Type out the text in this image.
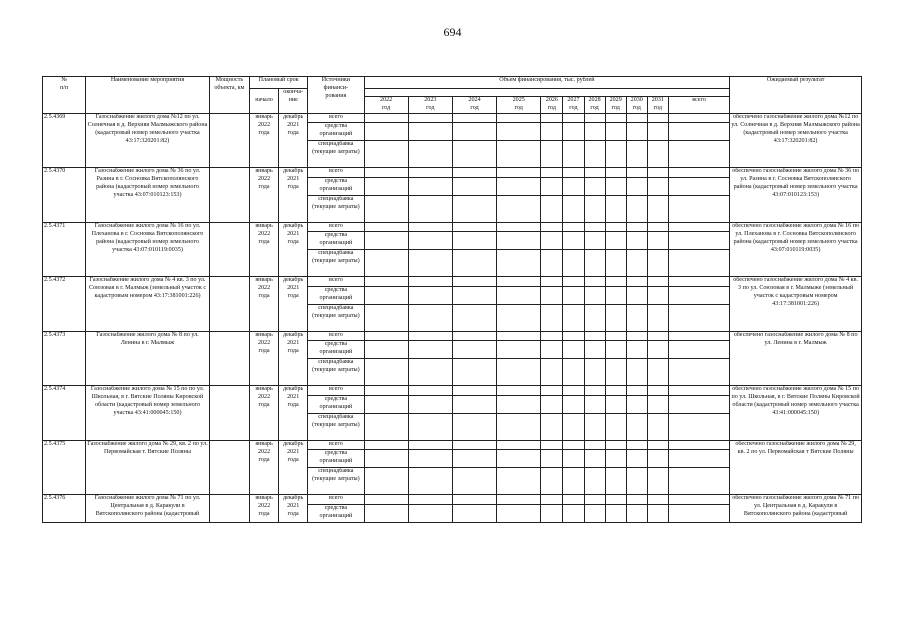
694
№
п/п	Наименование мероприятия	Мощность объекта, км	Плановый срок		Источники
финанси-
рования	Объем финансирования, тыс. рублей											Ожидаемый результат
			начало	оконча-
ние													
						2022
год	2023
год	2024
год	2025
год	2026
год	2027
год	2028
год	2029
год	2030
год	2031
год	всего	
2.5.4369	Газоснабжение жилого дома №12 по ул. Солнечная в д. Верхняя Малмыжского района (кадастровый номер земельного участка 43:17:320201:82)		январь
2022
года	декабрь
2021
года	всего												обеспечено газоснабжение жилого дома №12 по ул. Солнечная в д. Верхняя Малмыжского района (кадастровый номер земельного участка 43:17:320201:82)
					средства организаций												
					спецнадбавка (текущие затраты)												
2.5.4370	Газоснабжение жилого дома № 36 по ул. Разина в г. Сосновка Вятскополянского района (кадастровый номер земельного участка 43:07:010123:153)		январь
2022
года	декабрь
2021
года	всего												обеспечено газоснабжение жилого дома № 36 по ул. Разина в г. Сосновка Вятскополянского района (кадастровый номер земельного участка 43:07:010123:153)
					средства организаций												
					спецнадбавка (текущие затраты)												
2.5.4371	Газоснабжение жилого дома № 16 по ул. Плеханова в г. Сосновка Вятскополянского района (кадастровый номер земельного участка 43:07:010119:0035)		январь
2022
года	декабрь
2021
года	всего												обеспечено газоснабжение жилого дома № 16 по ул. Плеханова в г. Сосновка Вятскополянского района (кадастровый номер земельного участка 43:07:010119:0035)
					средства организаций												
					спецнадбавка (текущие затраты)												
2.5.4372	Газоснабжение жилого дома № 4 кв. 3 по ул. Союзовая в г. Малмыж (земельный участок с кадастровым номером 43:17:381001:226)		январь
2022
года	декабрь
2021
года	всего												обеспечено газоснабжение жилого дома № 4 кв. 3 по ул. Союзовая в г. Малмыже (земельный участок с кадастровым номером 43:17:381001:226)
					средства организаций												
					спецнадбавка (текущие затраты)												
2.5.4373	Газоснабжение жилого дома № 8 по ул. Ленина в г. Малмыж		январь
2022
года	декабрь
2021
года	всего												обеспечено газоснабжение жилого дома № 8 по ул. Ленина в г. Малмыж
					средства организаций												
					спецнадбавка (текущие затраты)												
2.5.4374	Газоснабжение жилого дома № 15 по по ул. Школьная, в г. Вятские Поляны Кировской области (кадастровый номер земельного участка 43:41:000045:150)		январь
2022
года	декабрь
2021
года	всего												обеспечено газоснабжение жилого дома № 15 по по ул. Школьная, в г. Вятские Поляны Кировской области (кадастровый номер земельного участка 43:41:000045:150)
					средства организаций												
					спецнадбавка (текущие затраты)												
2.5.4375	Газоснабжение жилого дома № 29, кв. 2 по ул. Первомайская т. Вятские Поляны		январь
2022
года	декабрь
2021
года	всего												обеспечено газоснабжение жилого дома № 29, кв. 2 по ул. Первомайская т Вятские Поляны
					средства организаций												
					спецнадбавка (текущие затраты)												
2.5.4376	Газоснабжение жилого дома № 71 по ул. Центральная в д. Каракули в Вятскополянского района (кадастровый		январь
2022
года	декабрь
2021
года	всего												обеспечено газоснабжение жилого дома № 71 по ул. Центральная в д. Каракули в Вятскополянского района (кадастровый
					средства организаций												
